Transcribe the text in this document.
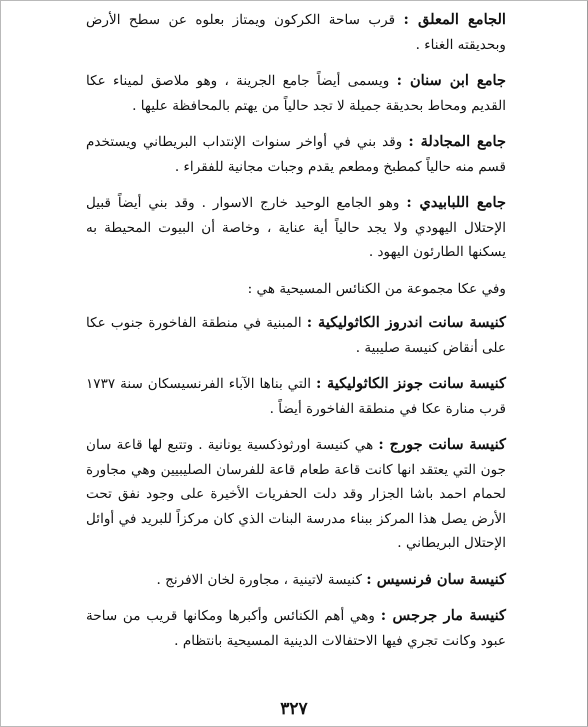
الجامع المعلق : قرب ساحة الكركون ويمتاز بعلوه عن سطح الأرض وبحديقته الغناء .

جامع ابن سنان : ويسمى أيضاً جامع الجرينة ، وهو ملاصق لميناء عكا القديم ومحاط بحديقة جميلة لا تجد حالياً من يهتم بالمحافظة عليها .

جامع المجادلة : وقد بني في أواخر سنوات الإنتداب البريطاني ويستخدم قسم منه حالياً كمطبخ ومطعم يقدم وجبات مجانية للفقراء .

جامع اللبابيدي : وهو الجامع الوحيد خارج الاسوار . وقد بني أيضاً قبيل الإحتلال اليهودي ولا يجد حالياً أية عناية ، وخاصة أن البيوت المحيطة به يسكنها الطارئون اليهود .

وفي عكا مجموعة من الكنائس المسيحية هي :

كنيسة سانت اندروز الكاثوليكية : المبنية في منطقة الفاخورة جنوب عكا على أنقاض كنيسة صليبية .

كنيسة سانت جونز الكاثوليكية : التي بناها الآباء الفرنسيسكان سنة ١٧٣٧ قرب منارة عكا في منطقة الفاخورة أيضاً .

كنيسة سانت جورج : هي كنيسة اورثوذكسية يونانية . وتتبع لها قاعة سان جون التي يعتقد انها كانت قاعة طعام قاعة للفرسان الصليبيين وهي مجاورة لحمام احمد باشا الجزار وقد دلت الحفريات الأخيرة على وجود نفق تحت الأرض يصل هذا المركز ببناء مدرسة البنات الذي كان مركزاً للبريد في أوائل الإحتلال البريطاني .

كنيسة سان فرنسيس : كنيسة لاتينية ، مجاورة لخان الافرنج .

كنيسة مار جرجس : وهي أهم الكنائس وأكبرها ومكانها قريب من ساحة عبود وكانت تجري فيها الاحتفالات الدينية المسيحية بانتظام .

٣٢٧
